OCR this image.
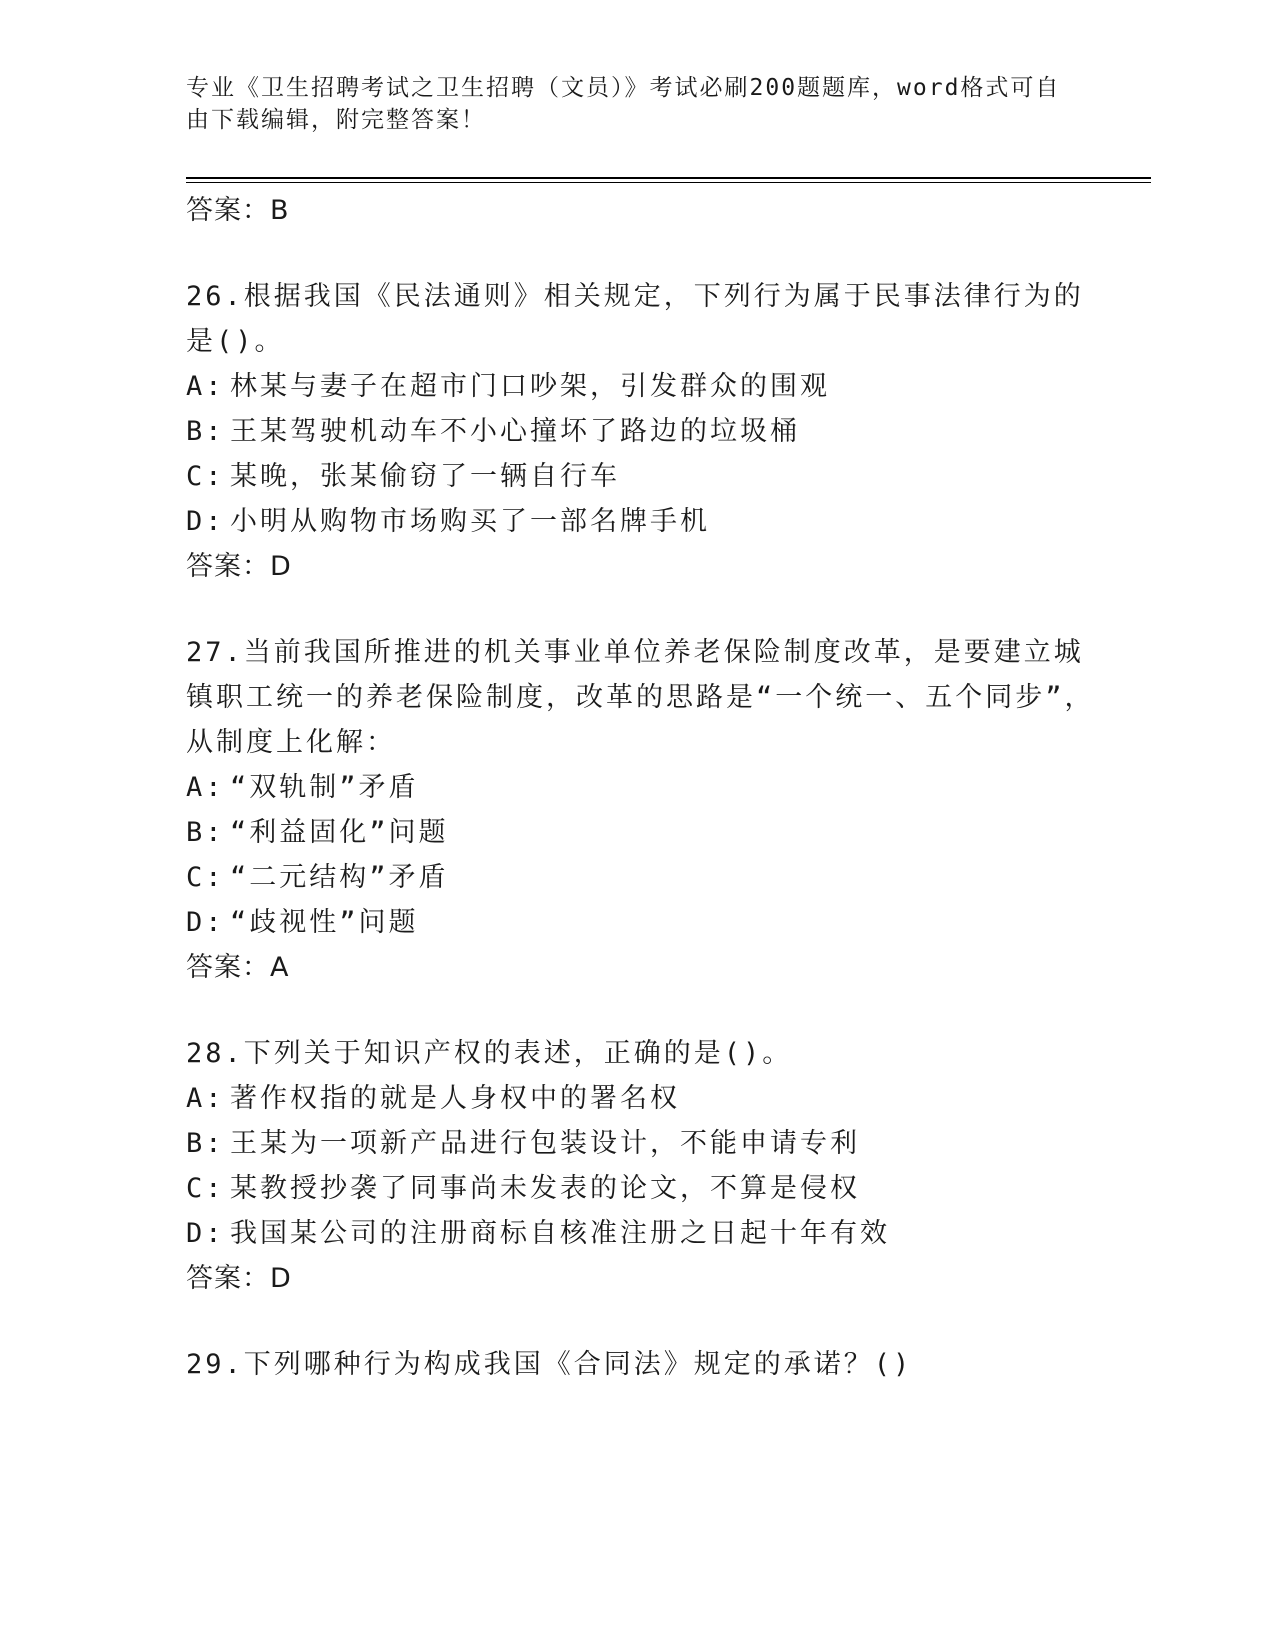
专业《卫生招聘考试之卫生招聘（文员）》考试必刷200题题库，word格式可自由下载编辑，附完整答案！

答案：B

26.根据我国《民法通则》相关规定，下列行为属于民事法律行为的是()。

A: 林某与妻子在超市门口吵架，引发群众的围观

B: 王某驾驶机动车不小心撞坏了路边的垃圾桶

C: 某晚，张某偷窃了一辆自行车

D: 小明从购物市场购买了一部名牌手机

答案：D

27.当前我国所推进的机关事业单位养老保险制度改革，是要建立城镇职工统一的养老保险制度，改革的思路是“一个统一、五个同步”，从制度上化解：

A: “双轨制”矛盾

B: “利益固化”问题

C: “二元结构”矛盾

D: “歧视性”问题

答案：A

28.下列关于知识产权的表述，正确的是()。

A: 著作权指的就是人身权中的署名权

B: 王某为一项新产品进行包装设计，不能申请专利

C: 某教授抄袭了同事尚未发表的论文，不算是侵权

D: 我国某公司的注册商标自核准注册之日起十年有效

答案：D

29.下列哪种行为构成我国《合同法》规定的承诺？()
